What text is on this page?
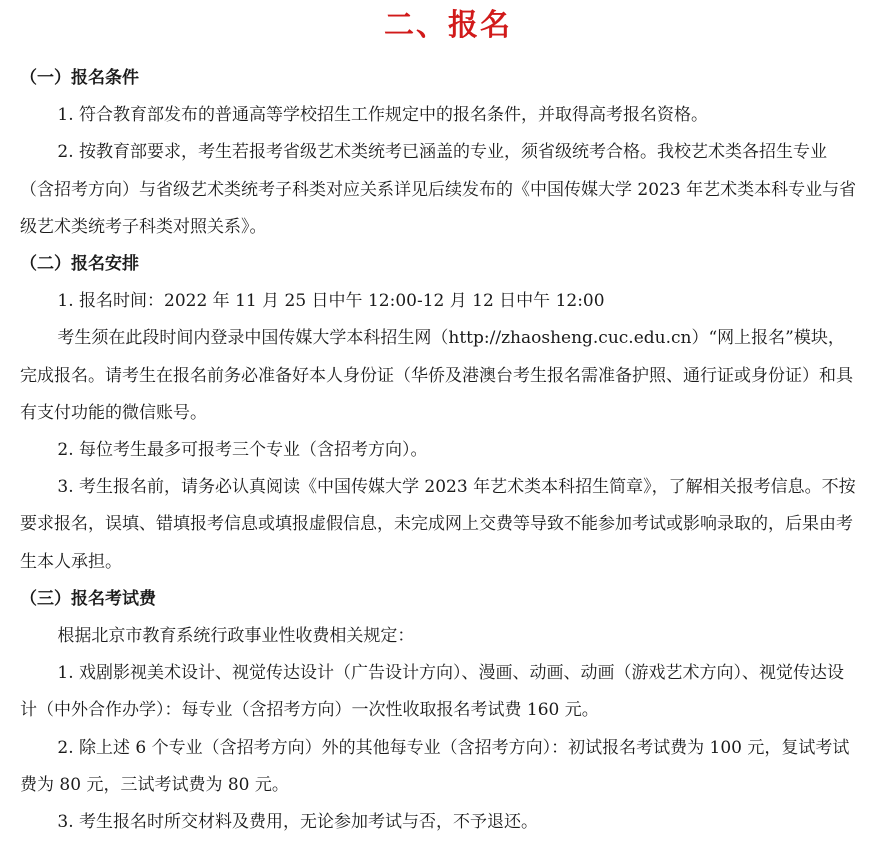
二、报名
（一）报名条件

1. 符合教育部发布的普通高等学校招生工作规定中的报名条件，并取得高考报名资格。

2. 按教育部要求，考生若报考省级艺术类统考已涵盖的专业，须省级统考合格。我校艺术类各招生专业（含招考方向）与省级艺术类统考子科类对应关系详见后续发布的《中国传媒大学 2023 年艺术类本科专业与省级艺术类统考子科类对照关系》。

（二）报名安排

1. 报名时间：2022 年 11 月 25 日中午 12:00-12 月 12 日中午 12:00

考生须在此段时间内登录中国传媒大学本科招生网（http://zhaosheng.cuc.edu.cn）“网上报名”模块，完成报名。请考生在报名前务必准备好本人身份证（华侨及港澳台考生报名需准备护照、通行证或身份证）和具有支付功能的微信账号。

2. 每位考生最多可报考三个专业（含招考方向）。

3. 考生报名前，请务必认真阅读《中国传媒大学 2023 年艺术类本科招生简章》，了解相关报考信息。不按要求报名，误填、错填报考信息或填报虚假信息，未完成网上交费等导致不能参加考试或影响录取的，后果由考生本人承担。

（三）报名考试费

根据北京市教育系统行政事业性收费相关规定：

1. 戏剧影视美术设计、视觉传达设计（广告设计方向）、漫画、动画、动画（游戏艺术方向）、视觉传达设计（中外合作办学）：每专业（含招考方向）一次性收取报名考试费 160 元。

2. 除上述 6 个专业（含招考方向）外的其他每专业（含招考方向）：初试报名考试费为 100 元，复试考试费为 80 元，三试考试费为 80 元。

3. 考生报名时所交材料及费用，无论参加考试与否，不予退还。
